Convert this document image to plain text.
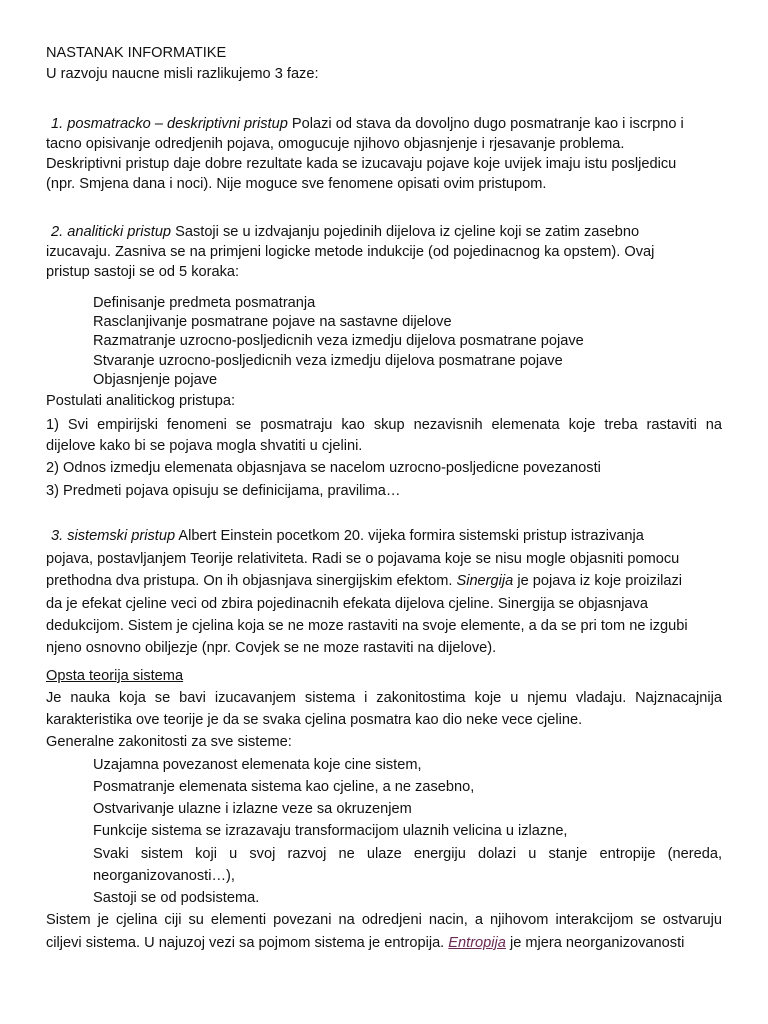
NASTANAK INFORMATIKE
U razvoju naucne misli razlikujemo 3 faze:
1. posmatracko – deskriptivni pristup Polazi od stava da dovoljno dugo posmatranje kao i iscrpno i
tacno opisivanje odredjenih pojava, omogucuje njihovo objasnjenje i rjesavanje problema.
Deskriptivni pristup daje dobre rezultate kada se izucavaju pojave koje uvijek imaju istu posljedicu
(npr. Smjena dana i noci). Nije moguce sve fenomene opisati ovim pristupom.
2. analiticki pristup Sastoji se u izdvajanju pojedinih dijelova iz cjeline koji se zatim zasebno
izucavaju. Zasniva se na primjeni logicke metode indukcije (od pojedinacnog ka opstem). Ovaj
pristup sastoji se od 5 koraka:
Definisanje predmeta posmatranja
Rasclanjivanje posmatrane pojave na sastavne dijelove
Razmatranje uzrocno-posljedicnih veza izmedju dijelova posmatrane pojave
Stvaranje uzrocno-posljedicnih veza izmedju dijelova posmatrane pojave
Objasnjenje pojave
Postulati analitickog pristupa:
1) Svi empirijski fenomeni se posmatraju kao skup nezavisnih elemenata koje treba rastaviti na
dijelove kako bi se pojava mogla shvatiti u cjelini.
2) Odnos izmedju elemenata objasnjava se nacelom uzrocno-posljedicne povezanosti
3) Predmeti pojava opisuju se definicijama, pravilima…
3. sistemski pristup Albert Einstein pocetkom 20. vijeka formira sistemski pristup istrazivanja
pojava, postavljanjem Teorije relativiteta. Radi se o pojavama koje se nisu mogle objasniti pomocu
prethodna dva pristupa. On ih objasnjava sinergijskim efektom. Sinergija je pojava iz koje proizilazi
da je efekat cjeline veci od zbira pojedinacnih efekata dijelova cjeline. Sinergija se objasnjava
dedukcijom. Sistem je cjelina koja se ne moze rastaviti na svoje elemente, a da se pri tom ne izgubi
njeno osnovno obiljezje (npr. Covjek se ne moze rastaviti na dijelove).
Opsta teorija sistema
Je nauka koja se bavi izucavanjem sistema i zakonitostima koje u njemu vladaju. Najznacajnija
karakteristika ove teorije je da se svaka cjelina posmatra kao dio neke vece cjeline.
Generalne zakonitosti za sve sisteme:
Uzajamna povezanost elemenata koje cine sistem,
Posmatranje elemenata sistema kao cjeline, a ne zasebno,
Ostvarivanje ulazne i izlazne veze sa okruzenjem
Funkcije sistema se izrazavaju transformacijom ulaznih velicina u izlazne,
Svaki sistem koji u svoj razvoj ne ulaze energiju dolazi u stanje entropije (nereda,
neorganizovanosti…),
Sastoji se od podsistema.
Sistem je cjelina ciji su elementi povezani na odredjeni nacin, a njihovom interakcijom se ostvaruju
ciljevi sistema. U najuzoj vezi sa pojmom sistema je entropija. Entropija je mjera neorganizovanosti
